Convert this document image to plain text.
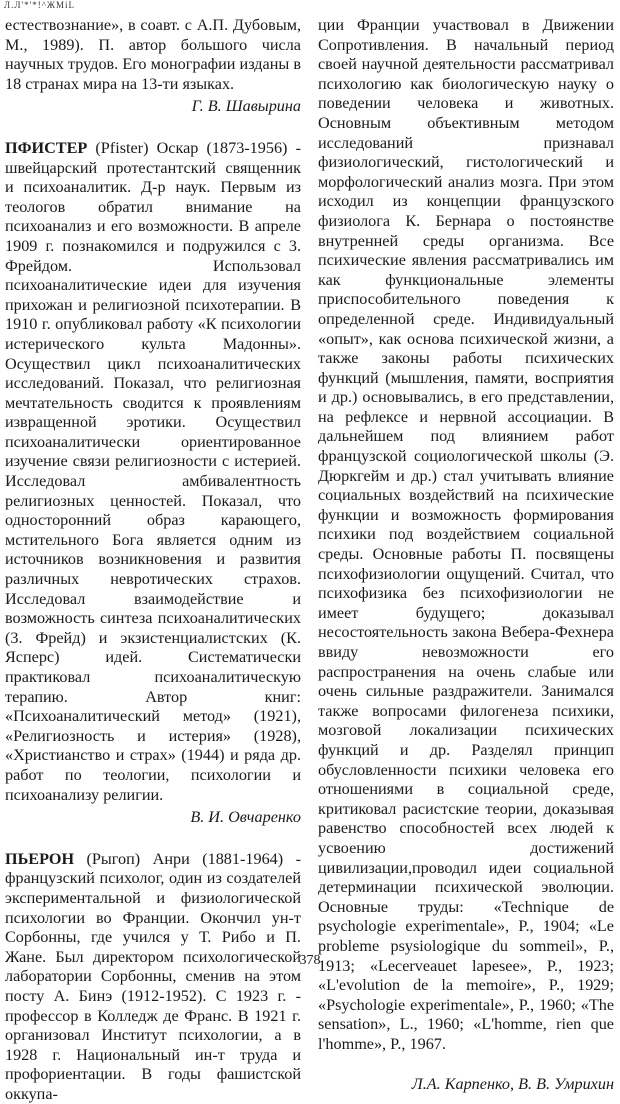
Л.Л'*'*!^ЖMiL

естествознание», в соавт. с А.П. Дубовым, М., 1989). П. автор большого числа научных трудов. Его монографии изданы в 18 странах мира на 13-ти языках.

Г. В. Шавырина

ПФИСТЕР (Pfister) Оскар (1873-1956) - швейцарский протестантский священник и психоаналитик. Д-р наук. Первым из теологов обратил внимание на психоанализ и его возможности. В апреле 1909 г. познакомился и подружился с 3. Фрейдом. Использовал психоаналитические идеи для изучения прихожан и религиозной психотерапии. В 1910 г. опубликовал работу «К психологии истерического культа Мадонны». Осуществил цикл психоаналитических исследований. Показал, что религиозная мечтательность сводится к проявлениям извращенной эротики. Осуществил психоаналитически ориентированное изучение связи религиозности с истерией. Исследовал амбивалентность религиозных ценностей. Показал, что односторонний образ карающего, мстительного Бога является одним из источников возникновения и развития различных невротических страхов. Исследовал взаимодействие и возможность синтеза психоаналитических (3. Фрейд) и экзистенциалистских (К. Ясперс) идей. Систематически практиковал психоаналитическую терапию. Автор книг: «Психоаналитический метод» (1921), «Религиозность и истерия» (1928), «Христианство и страх» (1944) и ряда др. работ по теологии, психологии и психоанализу религии.

В. И. Овчаренко

ПЬЕРОН (Рыгоп) Анри (1881-1964) - французский психолог, один из создателей экспериментальной и физиологической психологии во Франции. Окончил ун-т Сорбонны, где учился у Т. Рибо и П. Жане. Был директором психологической лаборатории Сорбонны, сменив на этом посту А. Бинэ (1912-1952). С 1923 г. - профессор в Колледж де Франс. В 1921 г. организовал Институт психологии, а в 1928 г. Национальный ин-т труда и профориентации. В годы фашистской оккупа-

ции Франции участвовал в Движении Сопротивления. В начальный период своей научной деятельности рассматривал психологию как биологическую науку о поведении человека и животных. Основным объективным методом исследований признавал физиологический, гистологический и морфологический анализ мозга. При этом исходил из концепции французского физиолога К. Бернара о постоянстве внутренней среды организма. Все психические явления рассматривались им как функциональные элементы приспособительного поведения к определенной среде. Индивидуальный «опыт», как основа психической жизни, а также законы работы психических функций (мышления, памяти, восприятия и др.) основывались, в его представлении, на рефлексе и нервной ассоциации. В дальнейшем под влиянием работ французской социологической школы (Э. Дюркгейм и др.) стал учитывать влияние социальных воздействий на психические функции и возможность формирования психики под воздействием социальной среды. Основные работы П. посвящены психофизиологии ощущений. Считал, что психофизика без психофизиологии не имеет будущего; доказывал несостоятельность закона Вебера-Фехнера ввиду невозможности его распространения на очень слабые или очень сильные раздражители. Занимался также вопросами филогенеза психики, мозговой локализации психических функций и др. Разделял принцип обусловленности психики человека его отношениями в социальной среде, критиковал расистские теории, доказывая равенство способностей всех людей к усвоению достижений цивилизации,проводил идеи социальной детерминации психической эволюции. Основные труды: «Technique de psychologie experimentale», P., 1904; «Le probleme psysiologique du sommeil», P., 1913; «Lecerveauet lapesee», P., 1923; «L'evolution de la memoire», P., 1929; «Psychologie experimentale», P., 1960; «The sensation», L., 1960; «L'homme, rien que l'homme», P., 1967.

Л.А. Карпенко, В. В. Умрихин

378
